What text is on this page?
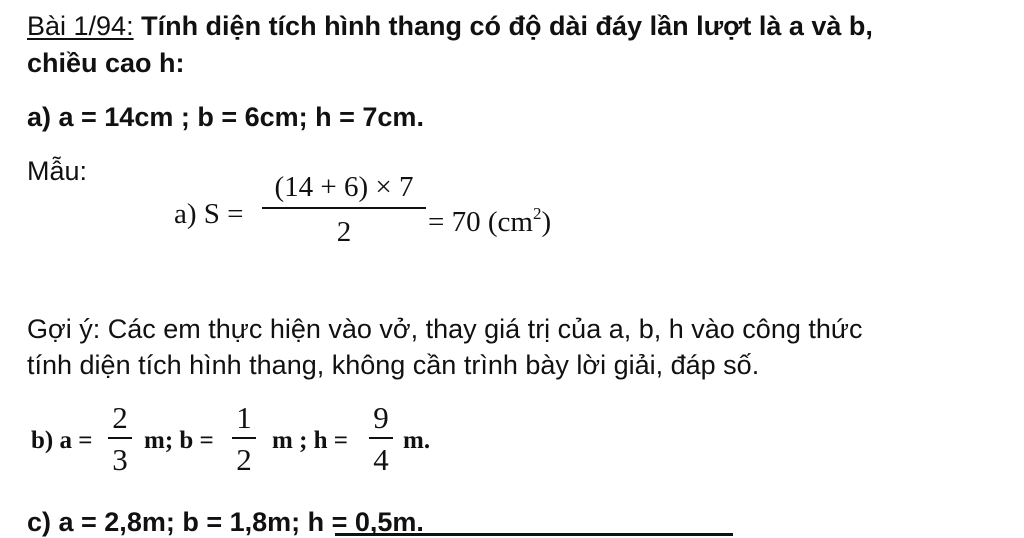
Bài 1/94: Tính diện tích hình thang có độ dài đáy lần lượt là a và b,
chiều cao h:
a) a = 14cm ; b = 6cm; h = 7cm.
Mẫu:
a) S =
(14 + 6) × 7
2	= 70 $(cm^2)$
Gợi ý: Các em thực hiện vào vở, thay giá trị của a, b, h vào công thức
tính diện tích hình thang, không cần trình bày lời giải, đáp số.
b) a =
2
3
m; b =
1
2
m ; h =
9
4
m.
c) a = 2,8m; b = 1,8m; h = 0,5m.
